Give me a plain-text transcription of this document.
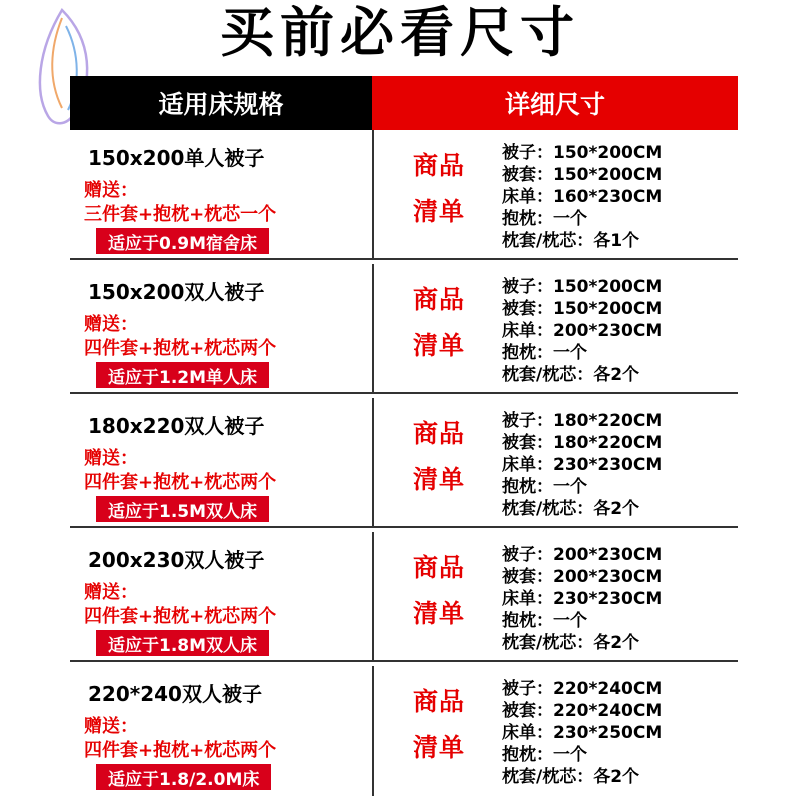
买前必看尺寸
适用床规格	详细尺寸
150x200单人被子
赠送：
三件套+抱枕+枕芯一个
适应于0.9M宿舍床
商品
清单
被子：150*200CM
被套：150*200CM
床单：160*230CM
抱枕：一个
枕套/枕芯：各1个
150x200双人被子
赠送：
四件套+抱枕+枕芯两个
适应于1.2M单人床
商品
清单
被子：150*200CM
被套：150*200CM
床单：200*230CM
抱枕：一个
枕套/枕芯：各2个
180x220双人被子
赠送：
四件套+抱枕+枕芯两个
适应于1.5M双人床
商品
清单
被子：180*220CM
被套：180*220CM
床单：230*230CM
抱枕：一个
枕套/枕芯：各2个
200x230双人被子
赠送：
四件套+抱枕+枕芯两个
适应于1.8M双人床
商品
清单
被子：200*230CM
被套：200*230CM
床单：230*230CM
抱枕：一个
枕套/枕芯：各2个
220*240双人被子
赠送：
四件套+抱枕+枕芯两个
适应于1.8/2.0M床
商品
清单
被子：220*240CM
被套：220*240CM
床单：230*250CM
抱枕：一个
枕套/枕芯：各2个
